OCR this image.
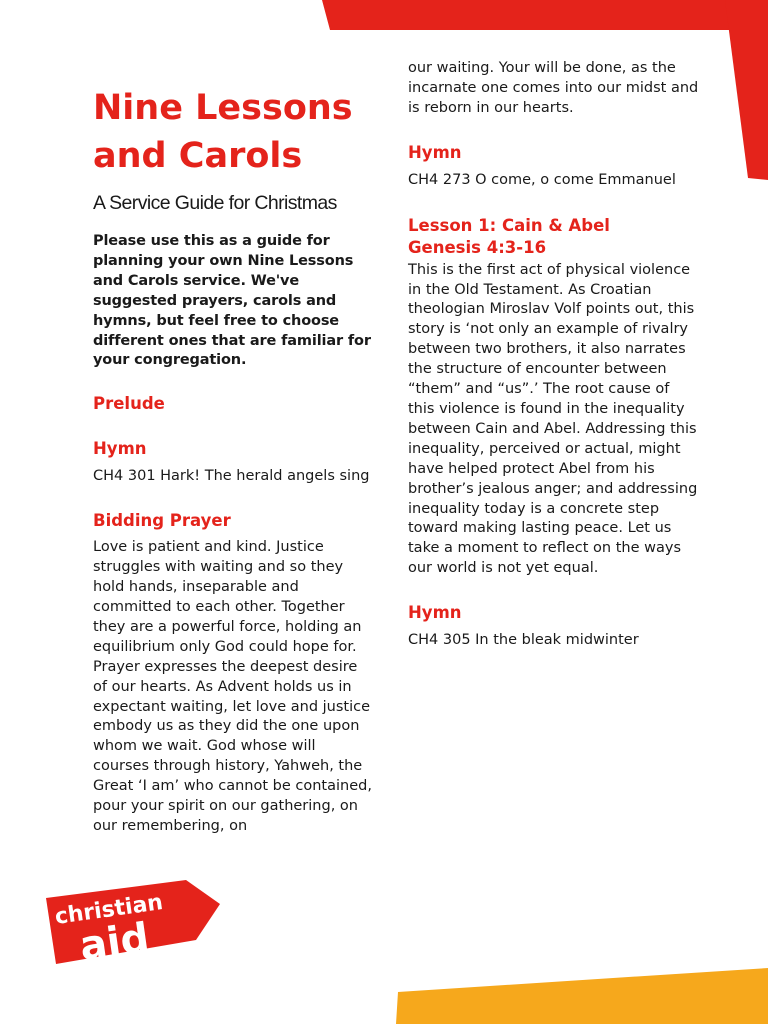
christian
aid
Nine Lessons
and Carols

A Service Guide for Christmas

Please use this as a guide for planning your own Nine Lessons and Carols service. We've suggested prayers, carols and hymns, but feel free to choose different ones that are familiar for your congregation.

Prelude

Hymn

CH4 301 Hark! The herald angels sing

Bidding Prayer

Love is patient and kind. Justice struggles with waiting and so they hold hands, inseparable and committed to each other. Together they are a powerful force, holding an equilibrium only God could hope for. Prayer expresses the deepest desire of our hearts. As Advent holds us in expectant waiting, let love and justice embody us as they did the one upon whom we wait. God whose will courses through history, Yahweh, the Great ‘I am’ who cannot be contained, pour your spirit on our gathering, on our remembering, on

our waiting. Your will be done, as the incarnate one comes into our midst and is reborn in our hearts.

Hymn

CH4 273 O come, o come Emmanuel

Lesson 1: Cain & Abel
Genesis 4:3-16

This is the first act of physical violence in the Old Testament. As Croatian theologian Miroslav Volf points out, this story is ‘not only an example of rivalry between two brothers, it also narrates the structure of encounter between “them” and “us”.’ The root cause of this violence is found in the inequality between Cain and Abel. Addressing this inequality, perceived or actual, might have helped protect Abel from his brother’s jealous anger; and addressing inequality today is a concrete step toward making lasting peace. Let us take a moment to reflect on the ways our world is not yet equal.

Hymn

CH4 305 In the bleak midwinter
